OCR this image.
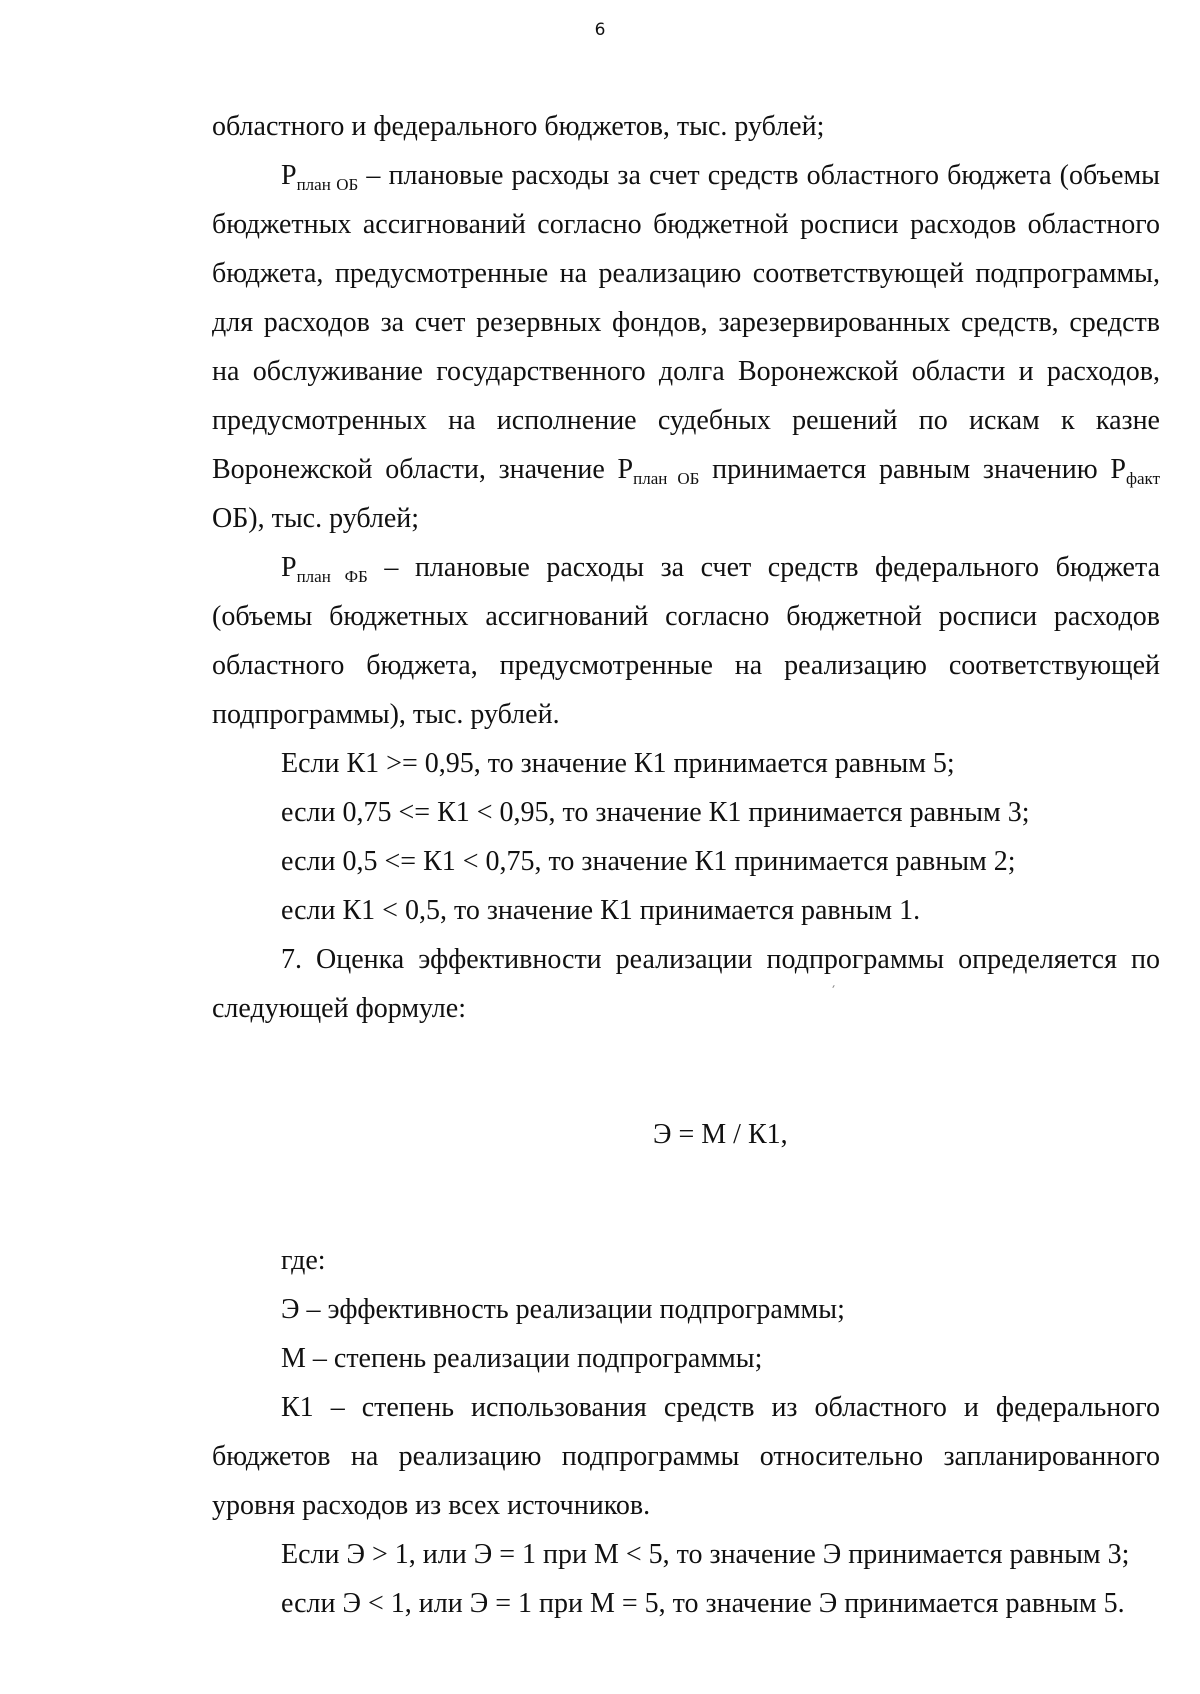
6

областного и федерального бюджетов, тыс. рублей;

$Р_{план ОБ}$ – плановые расходы за счет средств областного бюджета (объемы бюджетных ассигнований согласно бюджетной росписи расходов областного бюджета, предусмотренные на реализацию соответствующей подпрограммы, для расходов за счет резервных фондов, зарезервированных средств, средств на обслуживание государственного долга Воронежской области и расходов, предусмотренных на исполнение судебных решений по искам к казне Воронежской области, значение $Р_{план ОБ}$ принимается равным значению $Р_{факт}$ ОБ), тыс. рублей;

$Р_{план ФБ}$ – плановые расходы за счет средств федерального бюджета (объемы бюджетных ассигнований согласно бюджетной росписи расходов областного бюджета, предусмотренные на реализацию соответствующей подпрограммы), тыс. рублей.

Если К1 >= 0,95, то значение К1 принимается равным 5;

если 0,75 <= К1 < 0,95, то значение К1 принимается равным 3;

если 0,5 <= К1 < 0,75, то значение К1 принимается равным 2;

если К1 < 0,5, то значение К1 принимается равным 1.

7. Оценка эффективности реализации подпрограммы определяется по следующей формуле:

Э = М / К1,

где:

Э – эффективность реализации подпрограммы;

М – степень реализации подпрограммы;

К1 – степень использования средств из областного и федерального бюджетов на реализацию подпрограммы относительно запланированного уровня расходов из всех источников.

Если Э > 1, или Э = 1 при М < 5, то значение Э принимается равным 3;

если Э < 1, или Э = 1 при М = 5, то значение Э принимается равным 5.
